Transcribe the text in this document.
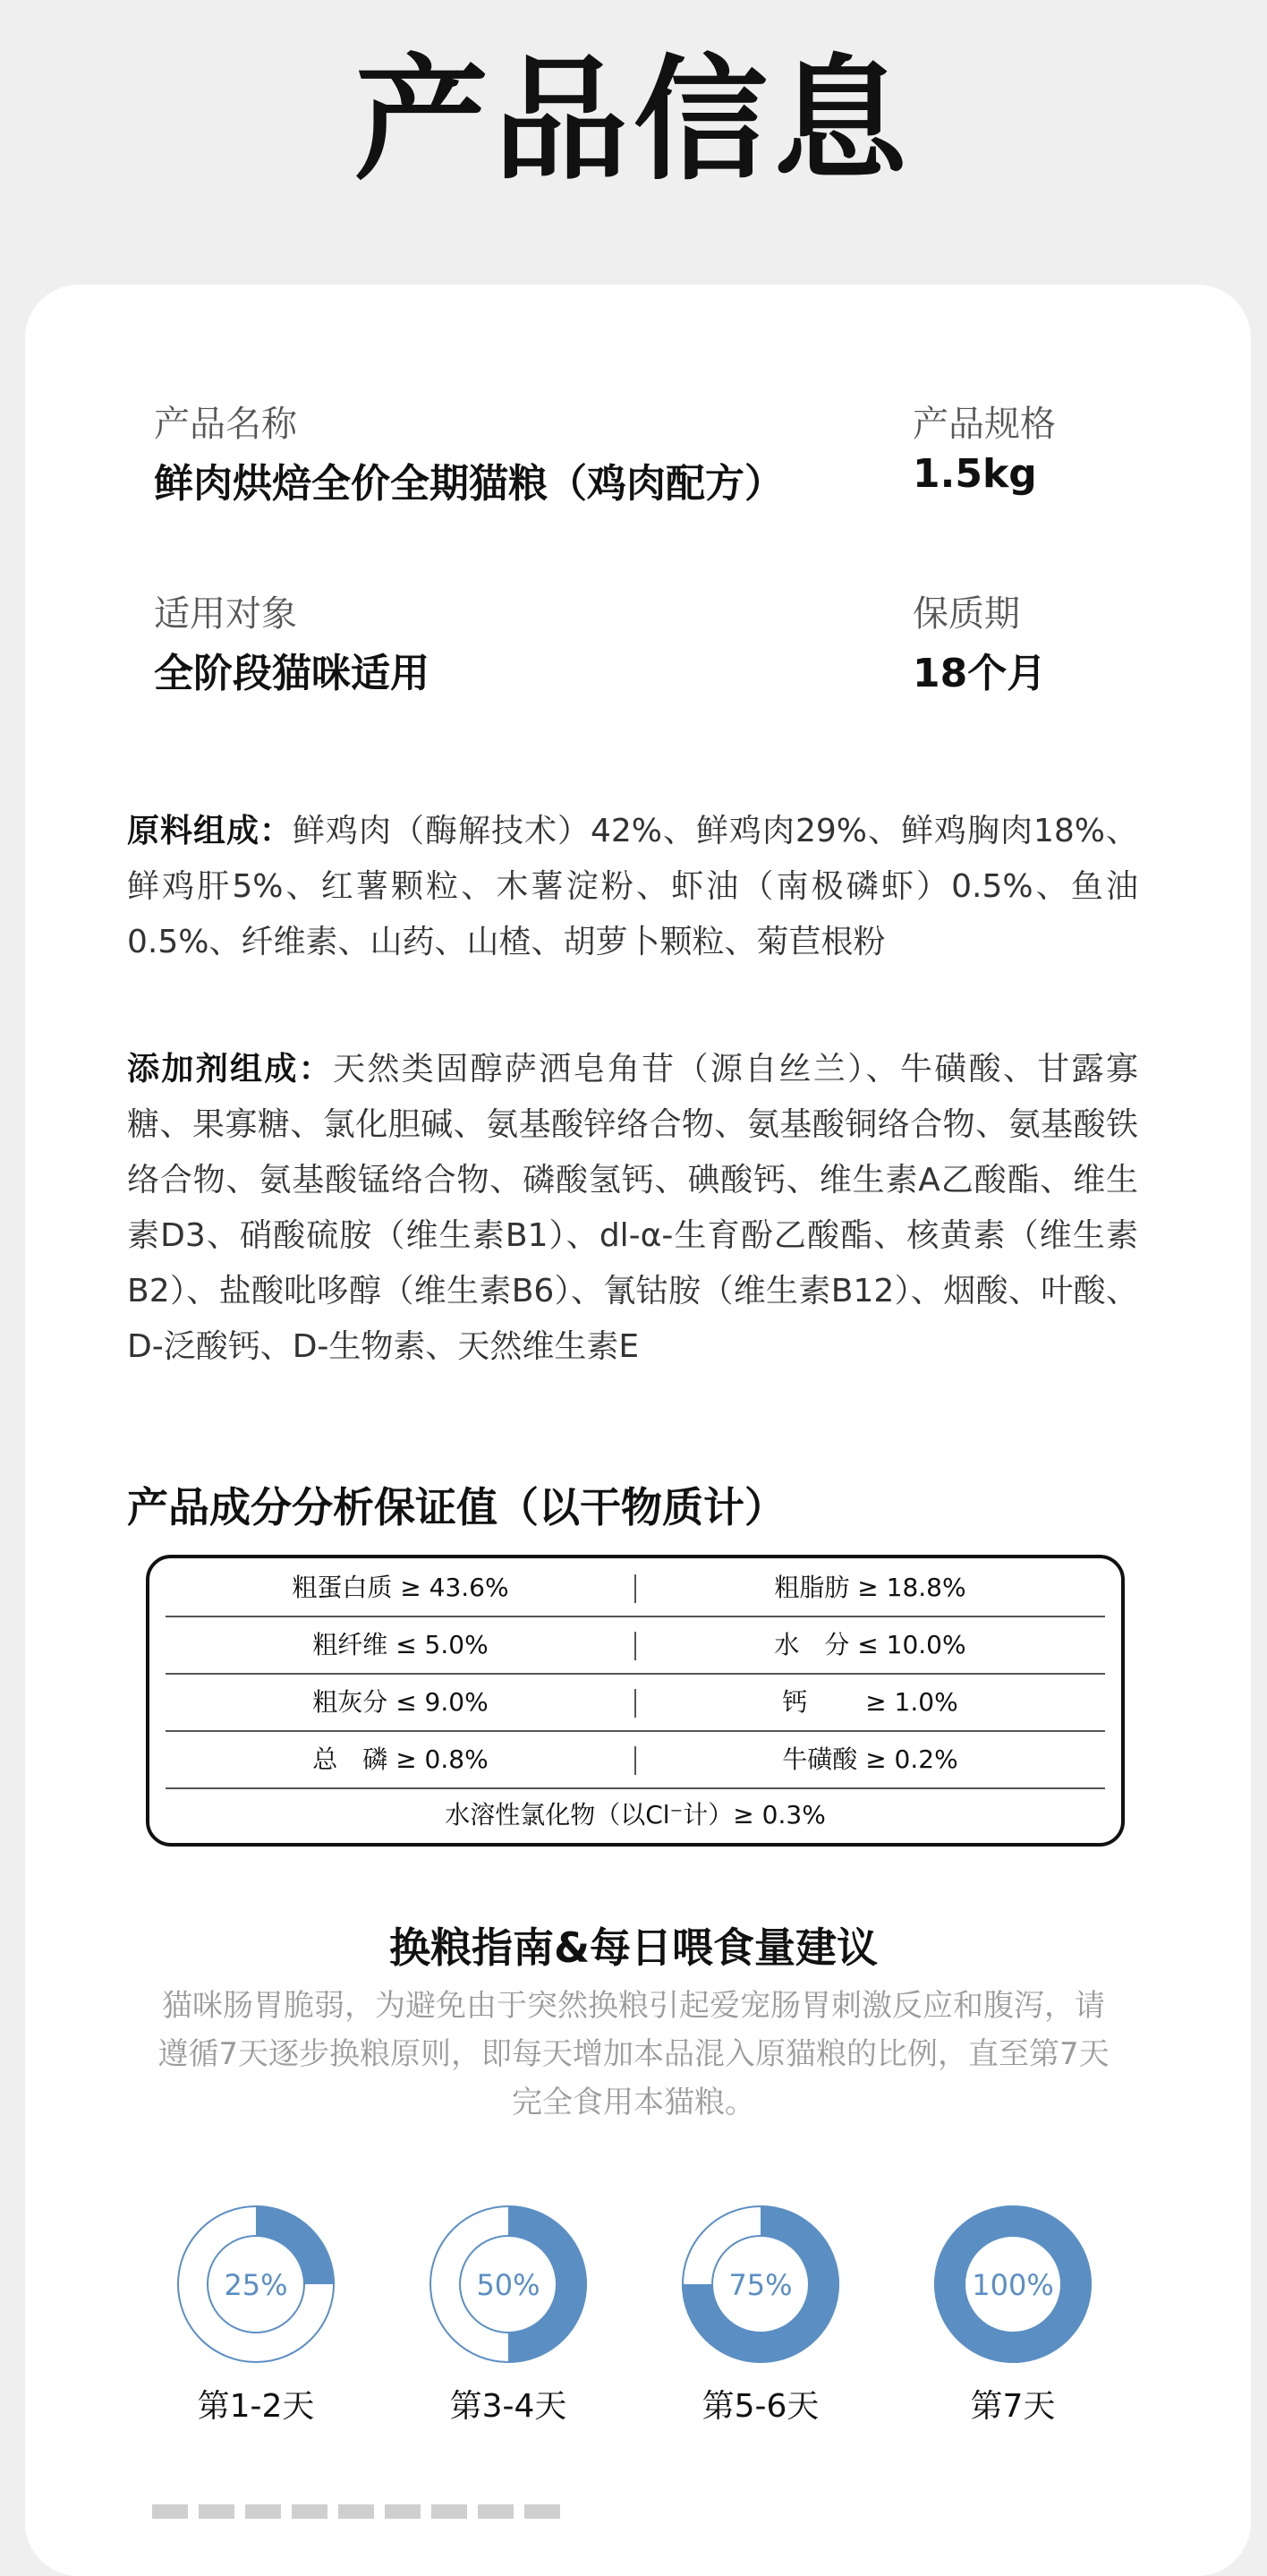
产品信息
产品名称
鲜肉烘焙全价全期猫粮（鸡肉配方）
产品规格
1.5kg
适用对象
全阶段猫咪适用
保质期
18个月
原料组成：鲜鸡肉（酶解技术）42%、鲜鸡肉29%、鲜鸡胸肉18%、鲜鸡肝5%、红薯颗粒、木薯淀粉、虾油（南极磷虾）0.5%、鱼油0.5%、纤维素、山药、山楂、胡萝卜颗粒、菊苣根粉
添加剂组成：天然类固醇萨洒皂角苷（源自丝兰）、牛磺酸、甘露寡糖、果寡糖、氯化胆碱、氨基酸锌络合物、氨基酸铜络合物、氨基酸铁络合物、氨基酸锰络合物、磷酸氢钙、碘酸钙、维生素A乙酸酯、维生素D3、硝酸硫胺（维生素B1）、dl-α-生育酚乙酸酯、核黄素（维生素B2）、盐酸吡哆醇（维生素B6）、氰钴胺（维生素B12）、烟酸、叶酸、D-泛酸钙、D-生物素、天然维生素E
产品成分分析保证值（以干物质计）
粗蛋白质 ≥ 43.6%	粗脂肪 ≥ 18.8%
粗纤维 ≤ 5.0%	水　分 ≤ 10.0%
粗灰分 ≤ 9.0%	钙　　 ≥ 1.0%
总　磷 ≥ 0.8%	牛磺酸 ≥ 0.2%
水溶性氯化物（以Cl⁻计）≥ 0.3%
换粮指南&每日喂食量建议
猫咪肠胃脆弱，为避免由于突然换粮引起爱宠肠胃刺激反应和腹泻，请遵循7天逐步换粮原则，即每天增加本品混入原猫粮的比例，直至第7天完全食用本猫粮。
25%	50%	75%	100%
第1-2天	第3-4天	第5-6天	第7天
